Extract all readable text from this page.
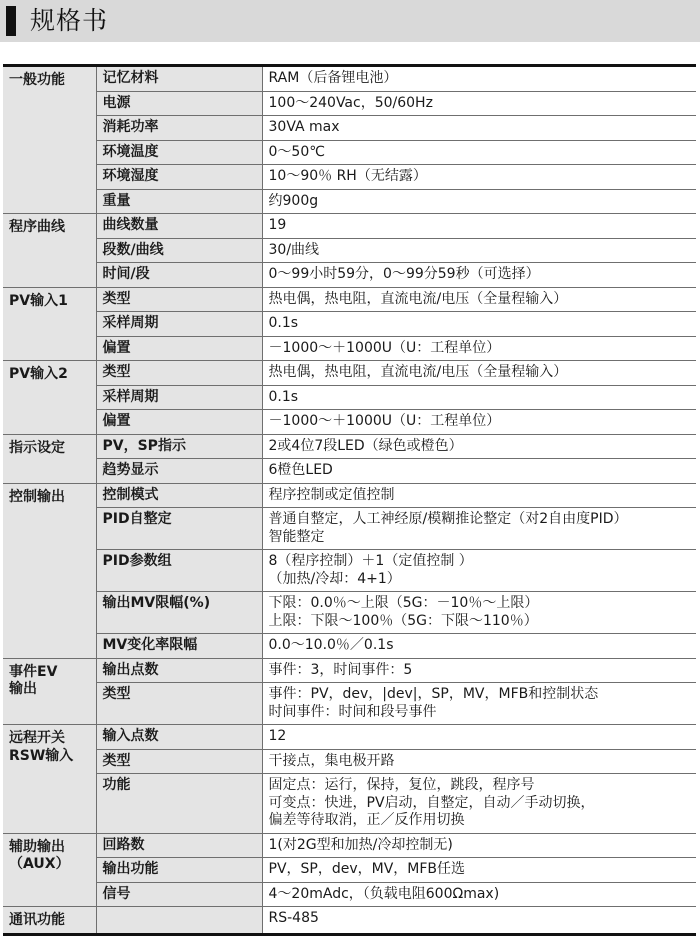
规格书
一般功能	记忆材料	RAM（后备锂电池）

	电源	100～240Vac，50/60Hz

	消耗功率	30VA max

	环境温度	0～50℃

	环境湿度	10～90％ RH（无结露）

	重量	约900g

程序曲线	曲线数量	19

	段数/曲线	30/曲线

	时间/段	0～99小时59分，0～99分59秒（可选择）

PV输入1	类型	热电偶，热电阻，直流电流/电压（全量程输入）

	采样周期	0.1s

	偏置	－1000～＋1000U（U：工程单位）

PV输入2	类型	热电偶，热电阻，直流电流/电压（全量程输入）

	采样周期	0.1s

	偏置	－1000～＋1000U（U：工程单位）

指示设定	PV，SP指示	2或4位7段LED（绿色或橙色）

	趋势显示	6橙色LED

控制输出	控制模式	程序控制或定值控制

	PID自整定	普通自整定，人工神经原/模糊推论整定（对2自由度PID）
智能整定

	PID参数组	8（程序控制）＋1（定值控制 ）
（加热/冷却：4+1）

	输出MV限幅(%)	下限：0.0％～上限（5G：－10％～上限）
上限：下限～100％（5G：下限～110％）

	MV变化率限幅	0.0～10.0％／0.1s

事件EV
输出	输出点数	事件：3，时间事件：5

	类型	事件：PV，dev，|dev|，SP，MV，MFB和控制状态
时间事件：时间和段号事件

远程开关
RSW输入	输入点数	12

	类型	干接点，集电极开路

	功能	固定点：运行，保持，复位，跳段，程序号
可变点：快进，PV启动，自整定，自动／手动切换，
偏差等待取消，正／反作用切换

辅助输出
（AUX）	回路数	1(对2G型和加热/冷却控制无)

	输出功能	PV，SP，dev，MV，MFB任选

	信号	4～20mAdc，（负载电阻600Ωmax)

通讯功能		RS-485
